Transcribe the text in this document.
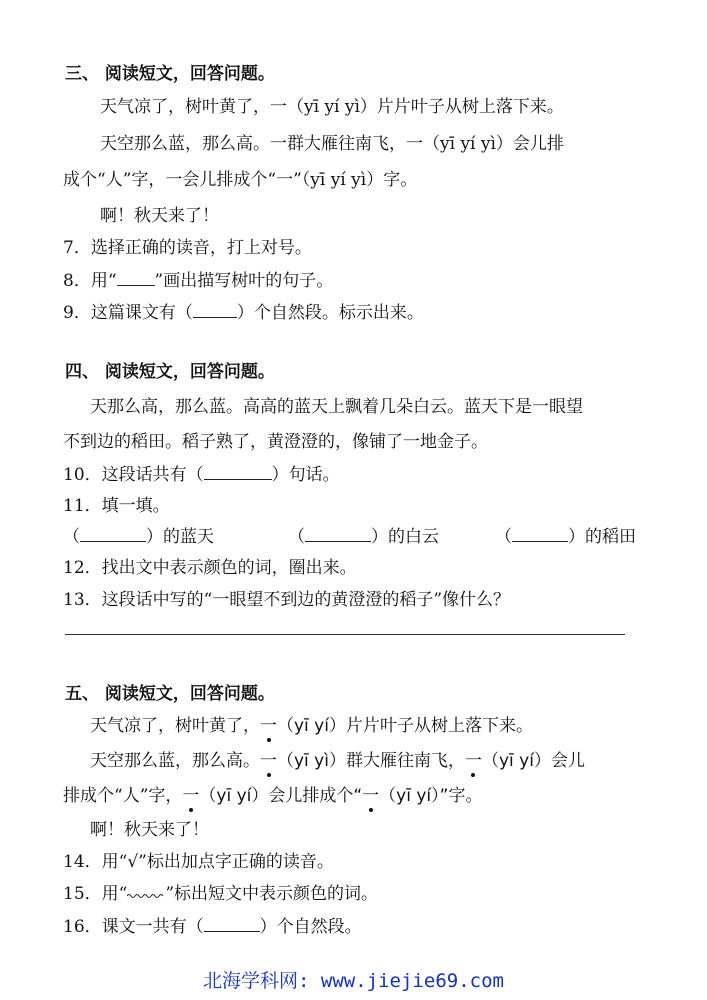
三、 阅读短文，回答问题。
天气凉了，树叶黄了，一（yī yí yì）片片叶子从树上落下来。
天空那么蓝，那么高。一群大雁往南飞，一（yī yí yì）会儿排
成个“人”字，一会儿排成个“一”（yī yí yì）字。
啊！秋天来了！
7．选择正确的读音，打上对号。
8．用“ ”画出描写树叶的句子。
9．这篇课文有（	）个自然段。标示出来。
四、 阅读短文，回答问题。
天那么高，那么蓝。高高的蓝天上飘着几朵白云。蓝天下是一眼望
不到边的稻田。稻子熟了，黄澄澄的，像铺了一地金子。
10．这段话共有（	）句话。
11．填一填。
（	）的蓝天	（	）的白云	（	）的稻田
12．找出文中表示颜色的词，圈出来。
13．这段话中写的“一眼望不到边的黄澄澄的稻子”像什么？
五、 阅读短文，回答问题。
天气凉了，树叶黄了，一（yī yí）片片叶子从树上落下来。
天空那么蓝，那么高。一（yī yì）群大雁往南飞，一（yī yí）会儿
排成个“人”字，一（yī yí）会儿排成个“一（yī yí）”字。
啊！秋天来了！
14．用“√”标出加点字正确的读音。
15．用“ ”标出短文中表示颜色的词。
16．课文一共有（	）个自然段。
北海学科网: www.jiejie69.com
